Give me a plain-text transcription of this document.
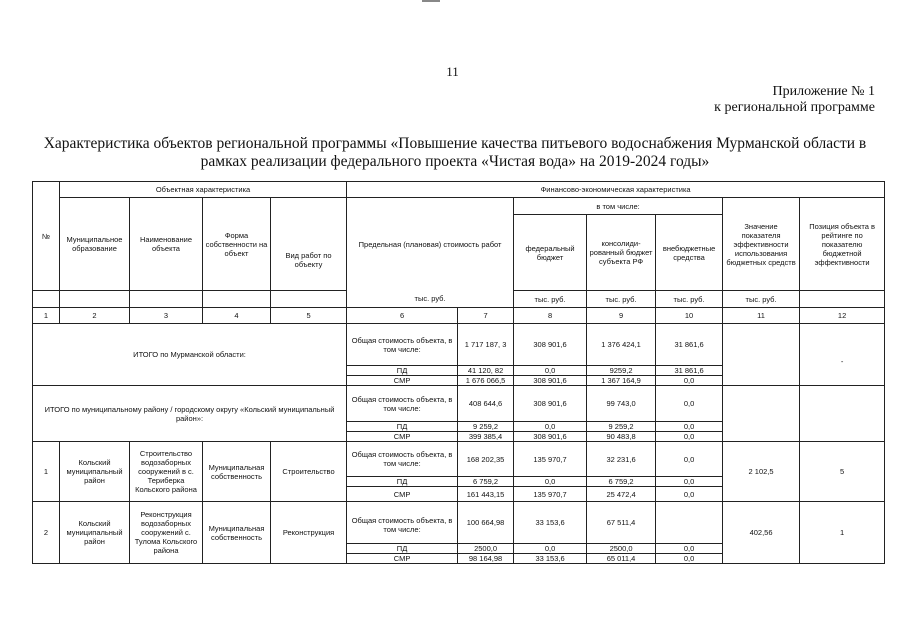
11
Приложение № 1
к региональной программе
Характеристика объектов региональной программы «Повышение качества питьевого водоснабжения Мурманской области в
рамках реализации федерального проекта «Чистая вода» на 2019-2024 годы»
№	Объектная характеристика				Финансово-экономическая характеристика						
	Муниципальное образование	Наименование объекта	Форма собственности на объект	Вид работ по объекту	Предельная (плановая) стоимость работ		в том числе:			Значение показателя эффективности использования бюджетных средств	Позиция объекта в рейтинге по показателю бюджетной эффективности
							федеральный бюджет	консолиди-рованный бюджет субъекта РФ	внебюджетные средства		
					тыс. руб.		тыс. руб.	тыс. руб.	тыс. руб.	тыс. руб.	
1	2	3	4	5	6	7	8	9	10	11	12
ИТОГО по Мурманской области:					Общая стоимость объекта, в том числе:	1 717 187, 3	308 901,6	1 376 424,1	31 861,6		-
					ПД	41 120, 82	0,0	9259,2	31 861,6		
					СМР	1 676 066,5	308 901,6	1 367 164,9	0,0		
ИТОГО по муниципальному району / городскому округу «Кольский муниципальный район»:					Общая стоимость объекта, в том числе:	408 644,6	308 901,6	99 743,0	0,0		
					ПД	9 259,2	0,0	9 259,2	0,0		
					СМР	399 385,4	308 901,6	90 483,8	0,0		
1	Кольский муниципальный район	Строительство водозаборных сооружений в с. Териберка Кольского района	Муниципальная собственность	Строительство	Общая стоимость объекта, в том числе:	168 202,35	135 970,7	32 231,6	0,0	2 102,5	5
					ПД	6 759,2	0,0	6 759,2	0,0		
					СМР	161 443,15	135 970,7	25 472,4	0,0		
2	Кольский муниципальный район	Реконструкция водозаборных сооружений с. Тулома Кольского района	Муниципальная собственность	Реконструкция	Общая стоимость объекта, в том числе:	100 664,98	33 153,6	67 511,4		402,56	1
					ПД	2500,0	0,0	2500,0	0,0		
					СМР	98 164,98	33 153,6	65 011,4	0,0		
